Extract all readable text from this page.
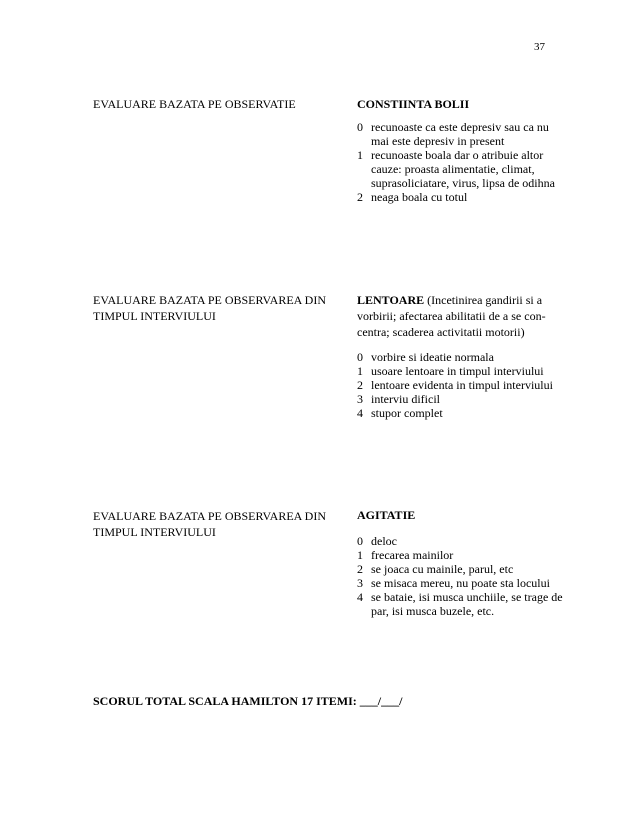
37
EVALUARE BAZATA PE OBSERVATIE	CONSTIINTA BOLII
0 recunoaste ca este depresiv sau ca nu mai este depresiv in present
1 recunoaste boala dar o atribuie altor cauze: proasta alimentatie, climat, suprasoliciatare, virus, lipsa de odihna
2 neaga boala cu totul
EVALUARE BAZATA PE OBSERVAREA DIN TIMPUL INTERVIULUI

LENTOARE (Incetinirea gandirii si a vorbirii; afectarea abilitatii de a se con-centra; scaderea activitatii motorii)

0 vorbire si ideatie normala
1 usoare lentoare in timpul interviului
2 lentoare evidenta in timpul interviului
3 interviu dificil
4 stupor complet
EVALUARE BAZATA PE OBSERVAREA DIN TIMPUL INTERVIULUI
AGITATIE
0 deloc
1 frecarea mainilor
2 se joaca cu mainile, parul, etc
3 se misaca mereu, nu poate sta locului
4 se bataie, isi musca unchiile, se trage de par, isi musca buzele, etc.
SCORUL TOTAL SCALA HAMILTON 17 ITEMI: ___/___/
